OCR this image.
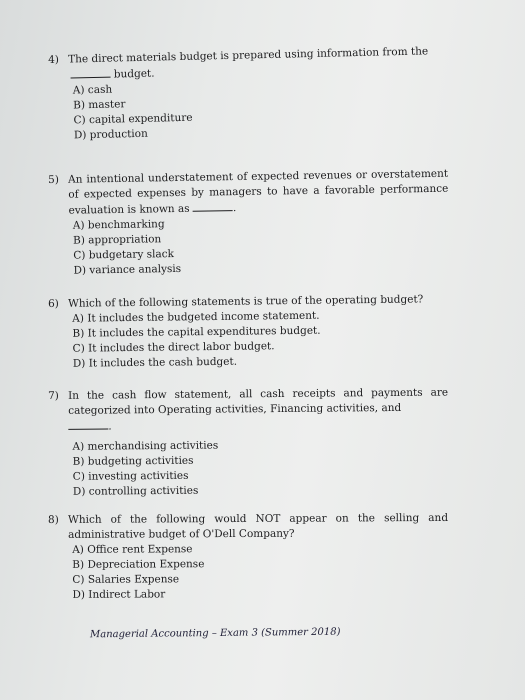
4) The direct materials budget is prepared using information from the
budget.
A) cash
B) master
C) capital expenditure
D) production
5) An intentional understatement of expected revenues or overstatement of expected expenses by managers to have a favorable performance evaluation is known as	.
A) benchmarking
B) appropriation
C) budgetary slack
D) variance analysis
6) Which of the following statements is true of the operating budget?
A) It includes the budgeted income statement.
B) It includes the capital expenditures budget.
C) It includes the direct labor budget.
D) It includes the cash budget.
7) In the cash flow statement, all cash receipts and payments are categorized into Operating activities, Financing activities, and
.
A) merchandising activities
B) budgeting activities
C) investing activities
D) controlling activities
8) Which of the following would NOT appear on the selling and administrative budget of O'Dell Company?
A) Office rent Expense
B) Depreciation Expense
C) Salaries Expense
D) Indirect Labor
Managerial Accounting – Exam 3 (Summer 2018)
